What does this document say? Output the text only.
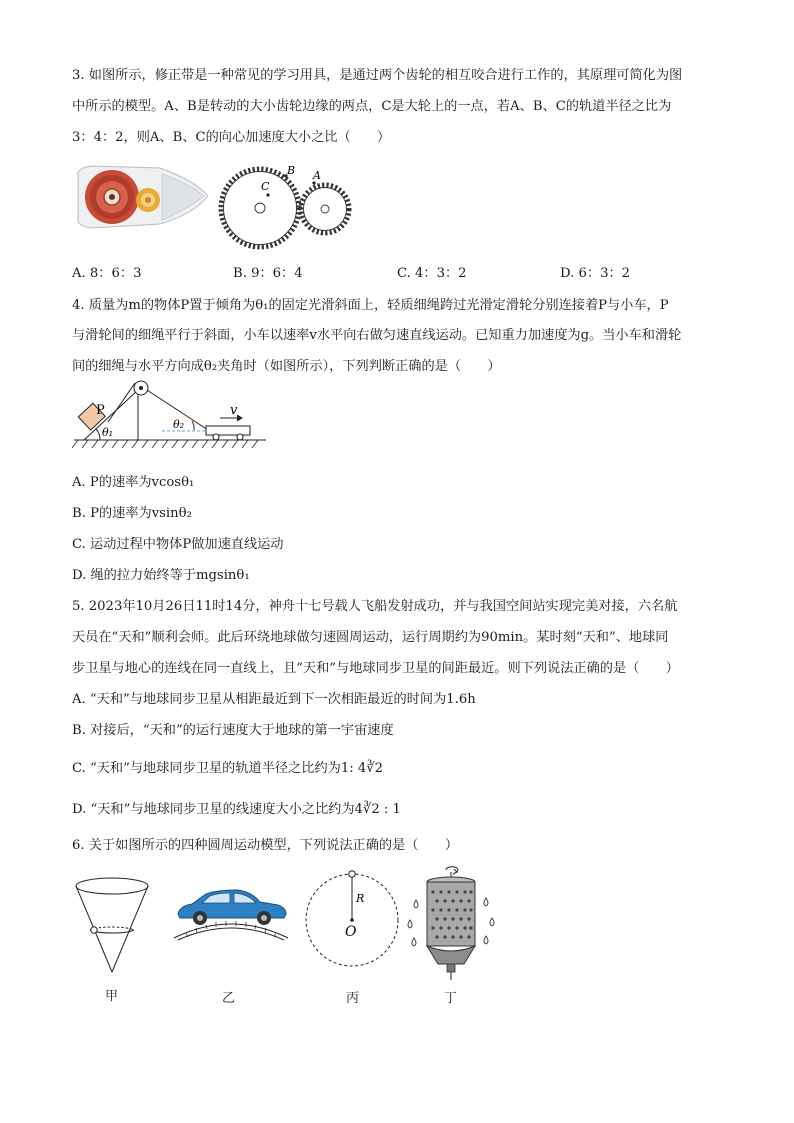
3. 如图所示，修正带是一种常见的学习用具，是通过两个齿轮的相互咬合进行工作的，其原理可简化为图
中所示的模型。A、B是转动的大小齿轮边缘的两点，C是大轮上的一点，若A、B、C的轨道半径之比为
3：4：2，则A、B、C的向心加速度大小之比（　　）
C
B A
A. 8：6：3	B. 9：6：4	C. 4：3：2	D. 6：3：2
4. 质量为m的物体P置于倾角为θ₁的固定光滑斜面上，轻质细绳跨过光滑定滑轮分别连接着P与小车，P
与滑轮间的细绳平行于斜面，小车以速率v水平向右做匀速直线运动。已知重力加速度为g。当小车和滑轮
间的细绳与水平方向成θ₂夹角时（如图所示），下列判断正确的是（　　）
P
θ₁
θ₂
v
A. P的速率为vcosθ₁
B. P的速率为vsinθ₂
C. 运动过程中物体P做加速直线运动
D. 绳的拉力始终等于mgsinθ₁
5. 2023年10月26日11时14分，神舟十七号载人飞船发射成功，并与我国空间站实现完美对接，六名航
天员在“天和”顺利会师。此后环绕地球做匀速圆周运动，运行周期约为90min。某时刻“天和”、地球同
步卫星与地心的连线在同一直线上，且“天和”与地球同步卫星的间距最近。则下列说法正确的是（　　）
A. “天和”与地球同步卫星从相距最近到下一次相距最近的时间为1.6h
B. 对接后，“天和”的运行速度大于地球的第一宇宙速度
C. “天和”与地球同步卫星的轨道半径之比约为1: 4∛2
D. “天和”与地球同步卫星的线速度大小之比约为4∛2 : 1
6. 关于如图所示的四种圆周运动模型，下列说法正确的是（　　）
甲	乙
R
O
丙	丁
